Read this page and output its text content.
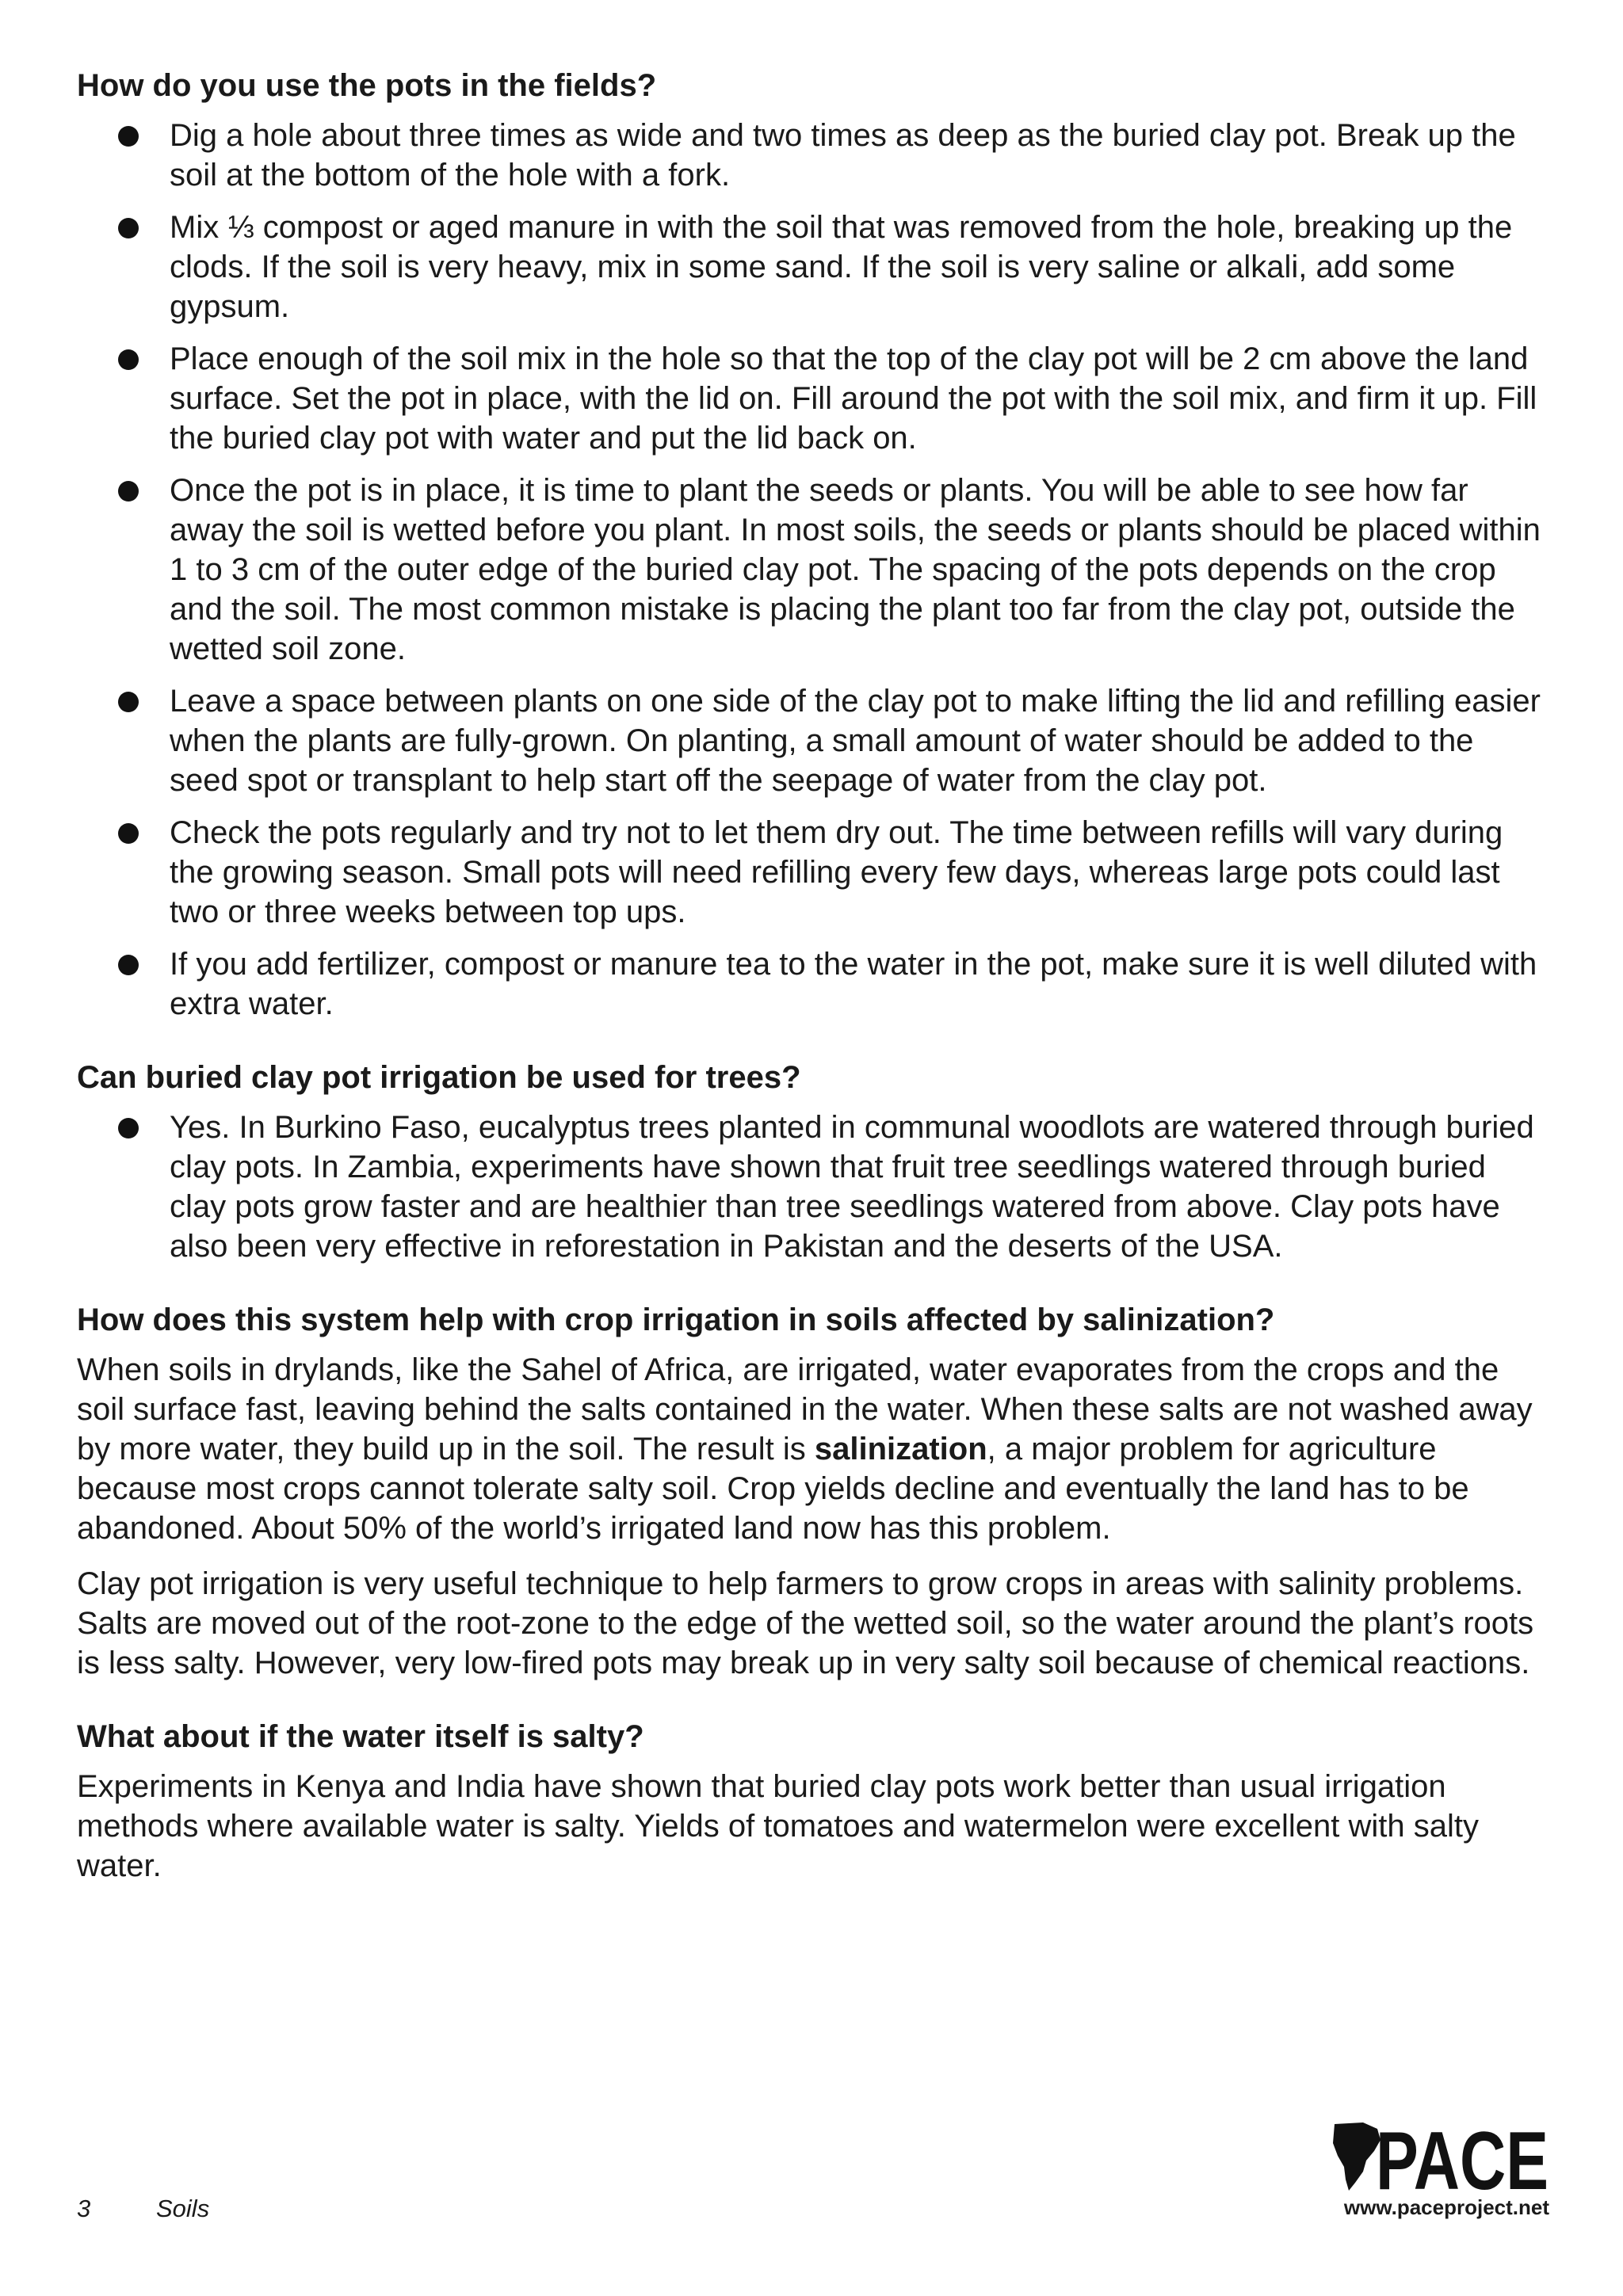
How do you use the pots in the fields?
Dig a hole about three times as wide and two times as deep as the buried clay pot. Break up the soil at the bottom of the hole with a fork.
Mix ⅓ compost or aged manure in with the soil that was removed from the hole, breaking up the clods. If the soil is very heavy, mix in some sand. If the soil is very saline or alkali, add some gypsum.
Place enough of the soil mix in the hole so that the top of the clay pot will be 2 cm above the land surface. Set the pot in place, with the lid on. Fill around the pot with the soil mix, and firm it up. Fill the buried clay pot with water and put the lid back on.
Once the pot is in place, it is time to plant the seeds or plants. You will be able to see how far away the soil is wetted before you plant. In most soils, the seeds or plants should be placed within 1 to 3 cm of the outer edge of the buried clay pot. The spacing of the pots depends on the crop and the soil. The most common mistake is placing the plant too far from the clay pot, outside the wetted soil zone.
Leave a space between plants on one side of the clay pot to make lifting the lid and refilling easier when the plants are fully-grown. On planting, a small amount of water should be added to the seed spot or transplant to help start off the seepage of water from the clay pot.
Check the pots regularly and try not to let them dry out. The time between refills will vary during the growing season. Small pots will need refilling every few days, whereas large pots could last two or three weeks between top ups.
If you add fertilizer, compost or manure tea to the water in the pot, make sure it is well diluted with extra water.
Can buried clay pot irrigation be used for trees?
Yes. In Burkino Faso, eucalyptus trees planted in communal woodlots are watered through buried clay pots. In Zambia, experiments have shown that fruit tree seedlings watered through buried clay pots grow faster and are healthier than tree seedlings watered from above. Clay pots have also been very effective in reforestation in Pakistan and the deserts of the USA.
How does this system help with crop irrigation in soils affected by salinization?

When soils in drylands, like the Sahel of Africa, are irrigated, water evaporates from the crops and the soil surface fast, leaving behind the salts contained in the water. When these salts are not washed away by more water, they build up in the soil. The result is salinization, a major problem for agriculture because most crops cannot tolerate salty soil. Crop yields decline and eventually the land has to be abandoned. About 50% of the world’s irrigated land now has this problem.

Clay pot irrigation is very useful technique to help farmers to grow crops in areas with salinity problems. Salts are moved out of the root-zone to the edge of the wetted soil, so the water around the plant’s roots is less salty. However, very low-fired pots may break up in very salty soil because of chemical reactions.

What about if the water itself is salty?

Experiments in Kenya and India have shown that buried clay pots work better than usual irrigation methods where available water is salty. Yields of tomatoes and watermelon were excellent with salty water.

3	Soils
PACE
www.paceproject.net
